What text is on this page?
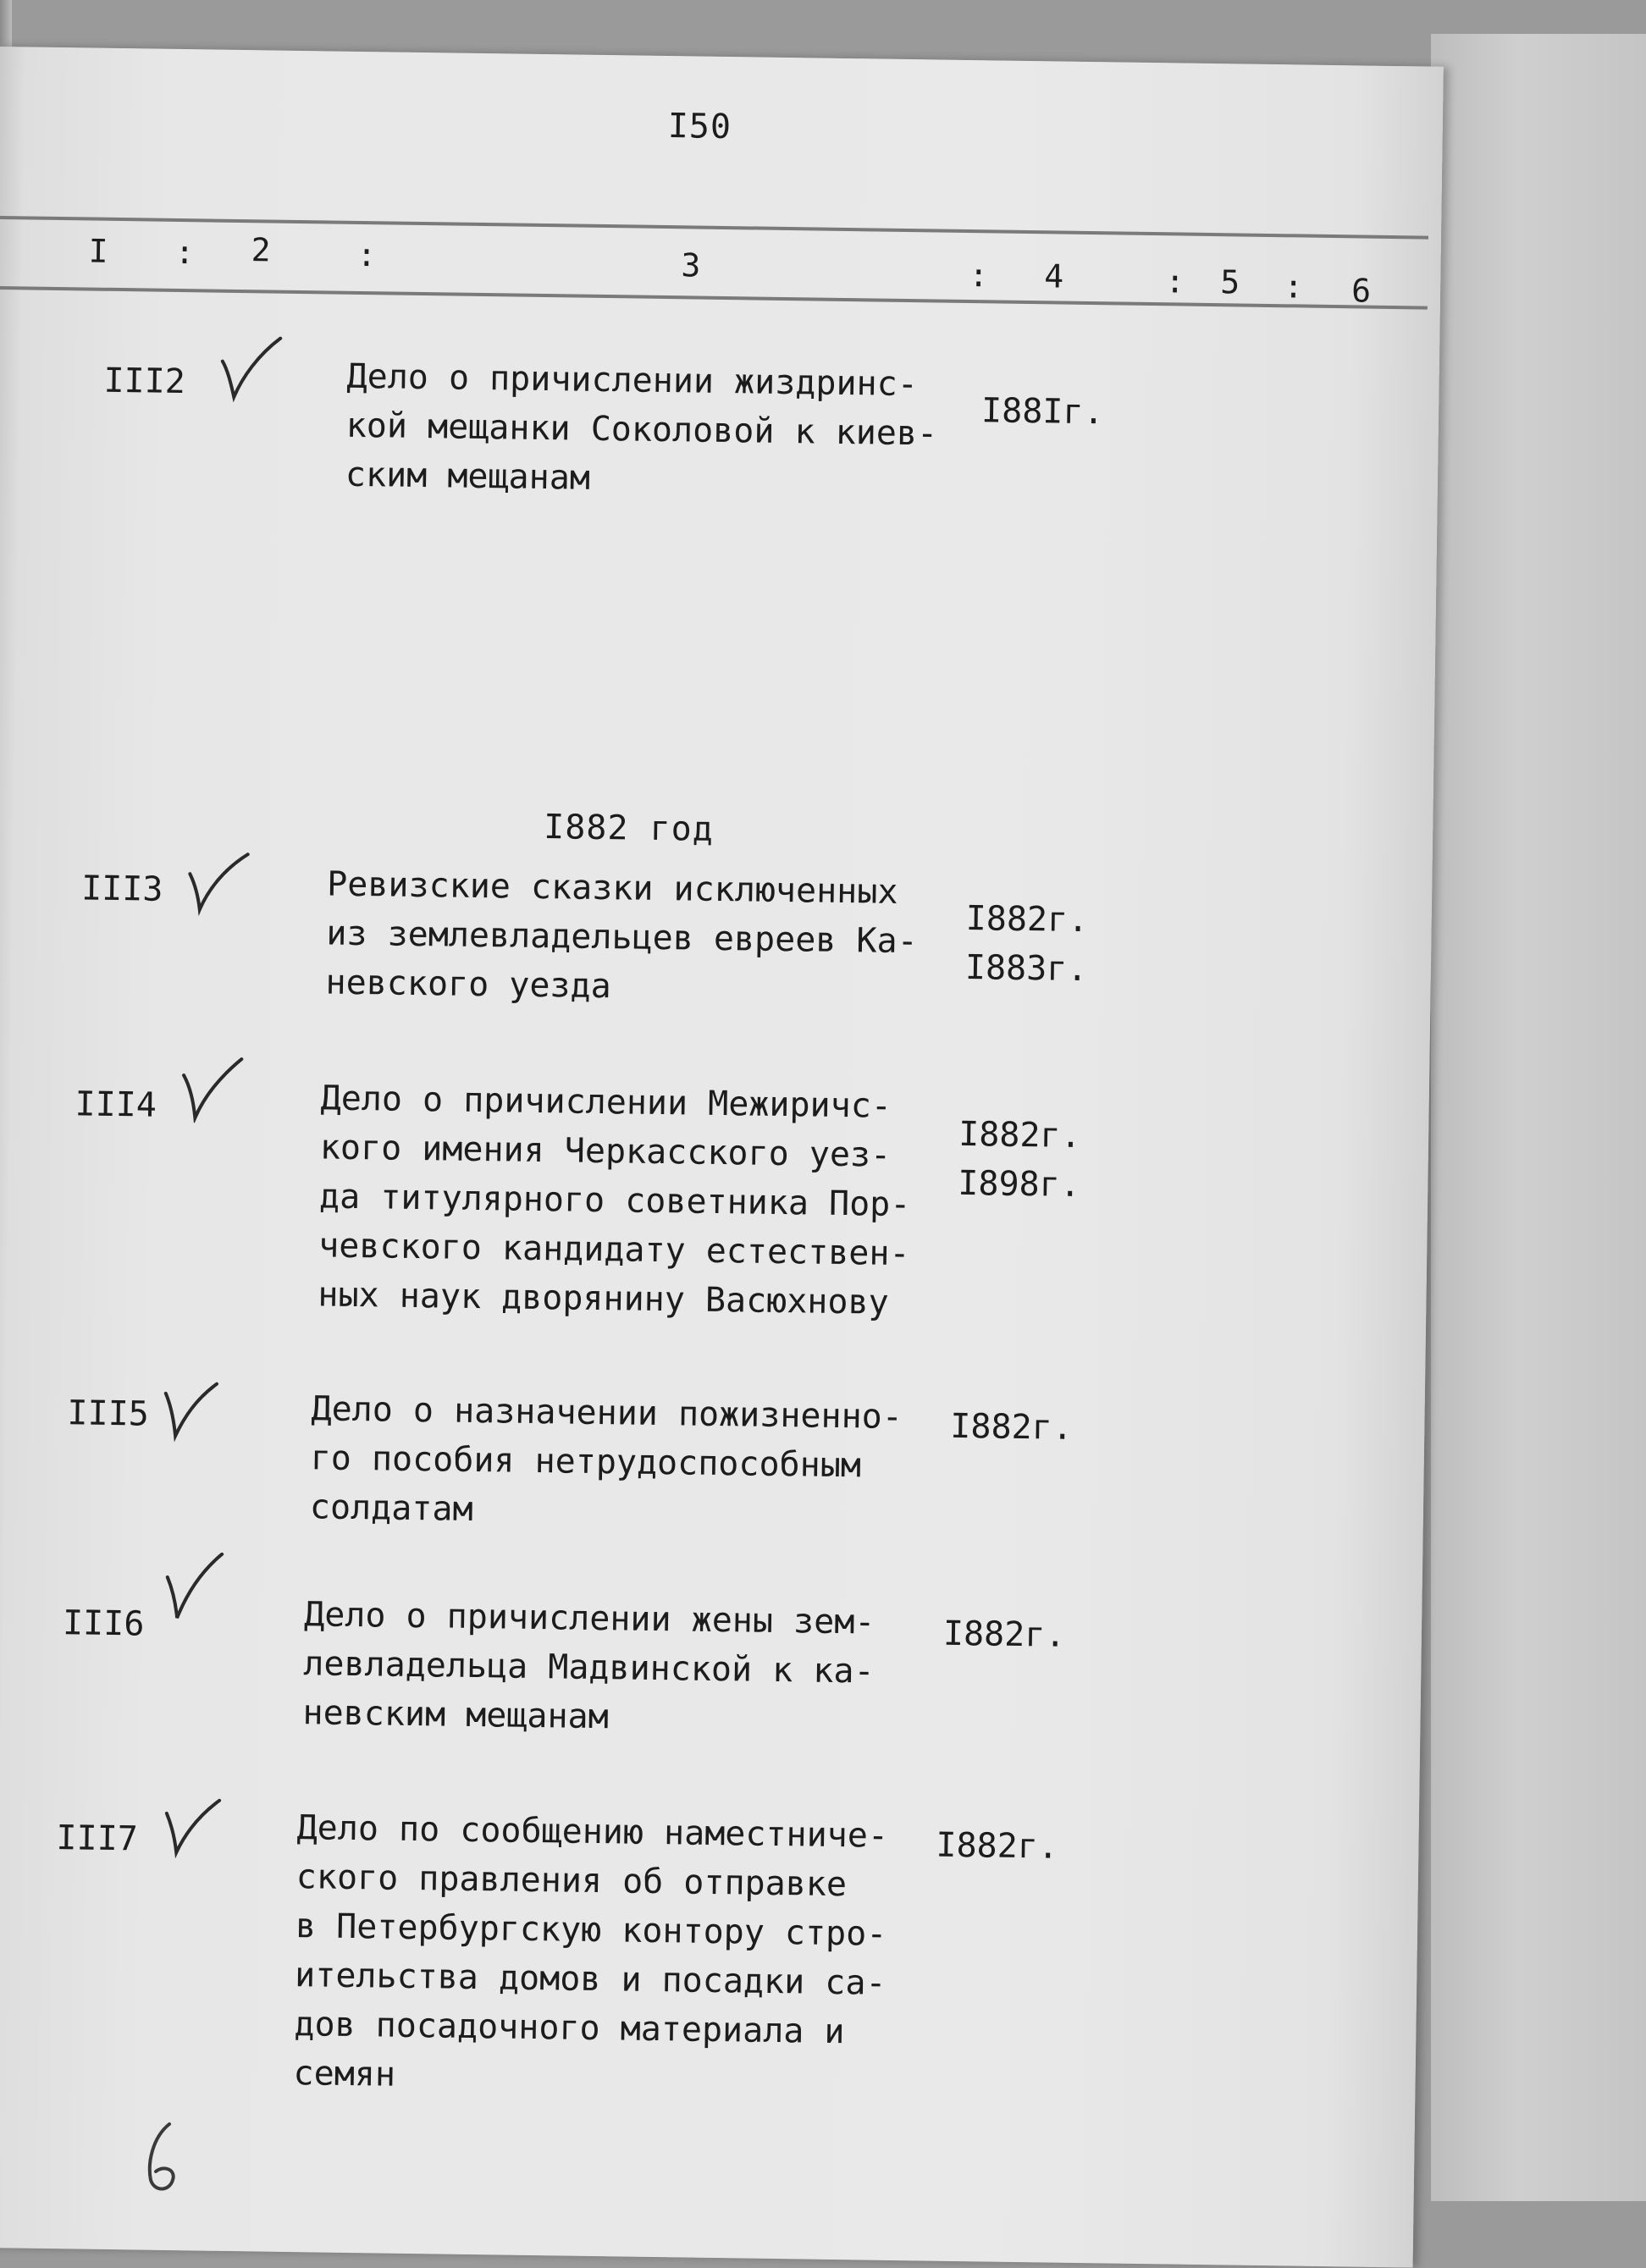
I50
I : 2	:	3	: 4	: 5 : 6
III2	Дело о причислении жиздринс-
кой мещанки Соколовой к киев-
ским мещанам
I88Iг.
I882 год
III3	Ревизские сказки исключенных
из землевладельцев евреев Ка-
невского уезда
I882г.
I883г.
III4	Дело о причислении Межиричс-
кого имения Черкасского уез-
да титулярного советника Пор-
чевского кандидату естествен-
ных наук дворянину Васюхнову
I882г.
I898г.
III5	Дело о назначении пожизненно-
го пособия нетрудоспособным
солдатам
I882г.
III6	Дело о причислении жены зем-
левладельца Мадвинской к ка-
невским мещанам
I882г.
III7	Дело по сообщению наместниче-
ского правления об отправке
в Петербургскую контору стро-
ительства домов и посадки са-
дов посадочного материала и
семян
I882г.
